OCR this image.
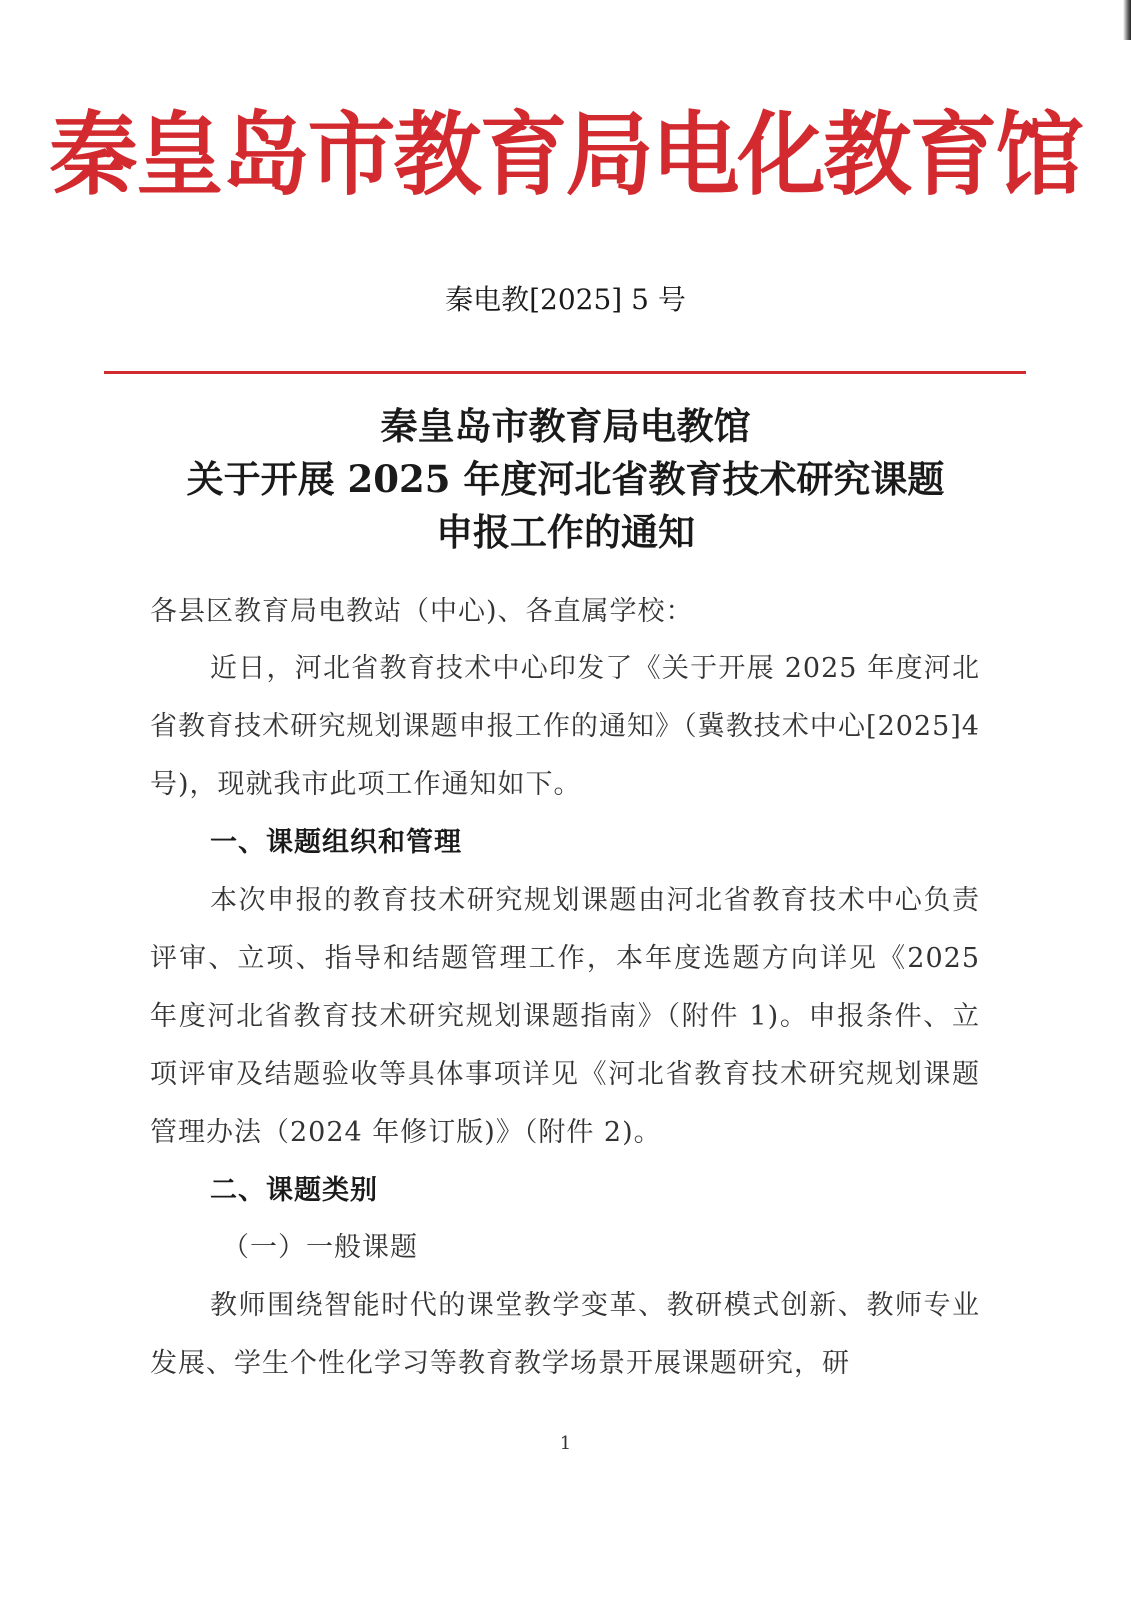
秦皇岛市教育局电化教育馆
秦电教[2025] 5 号
秦皇岛市教育局电教馆
关于开展 2025 年度河北省教育技术研究课题
申报工作的通知

各县区教育局电教站（中心)、各直属学校：

近日，河北省教育技术中心印发了《关于开展 2025 年度河北省教育技术研究规划课题申报工作的通知》（冀教技术中心[2025]4 号)，现就我市此项工作通知如下。

一、课题组织和管理

本次申报的教育技术研究规划课题由河北省教育技术中心负责评审、立项、指导和结题管理工作，本年度选题方向详见《2025 年度河北省教育技术研究规划课题指南》（附件 1)。申报条件、立项评审及结题验收等具体事项详见《河北省教育技术研究规划课题管理办法（2024 年修订版)》（附件 2)。

二、课题类别

（一）一般课题

教师围绕智能时代的课堂教学变革、教研模式创新、教师专业发展、学生个性化学习等教育教学场景开展课题研究，研

1
